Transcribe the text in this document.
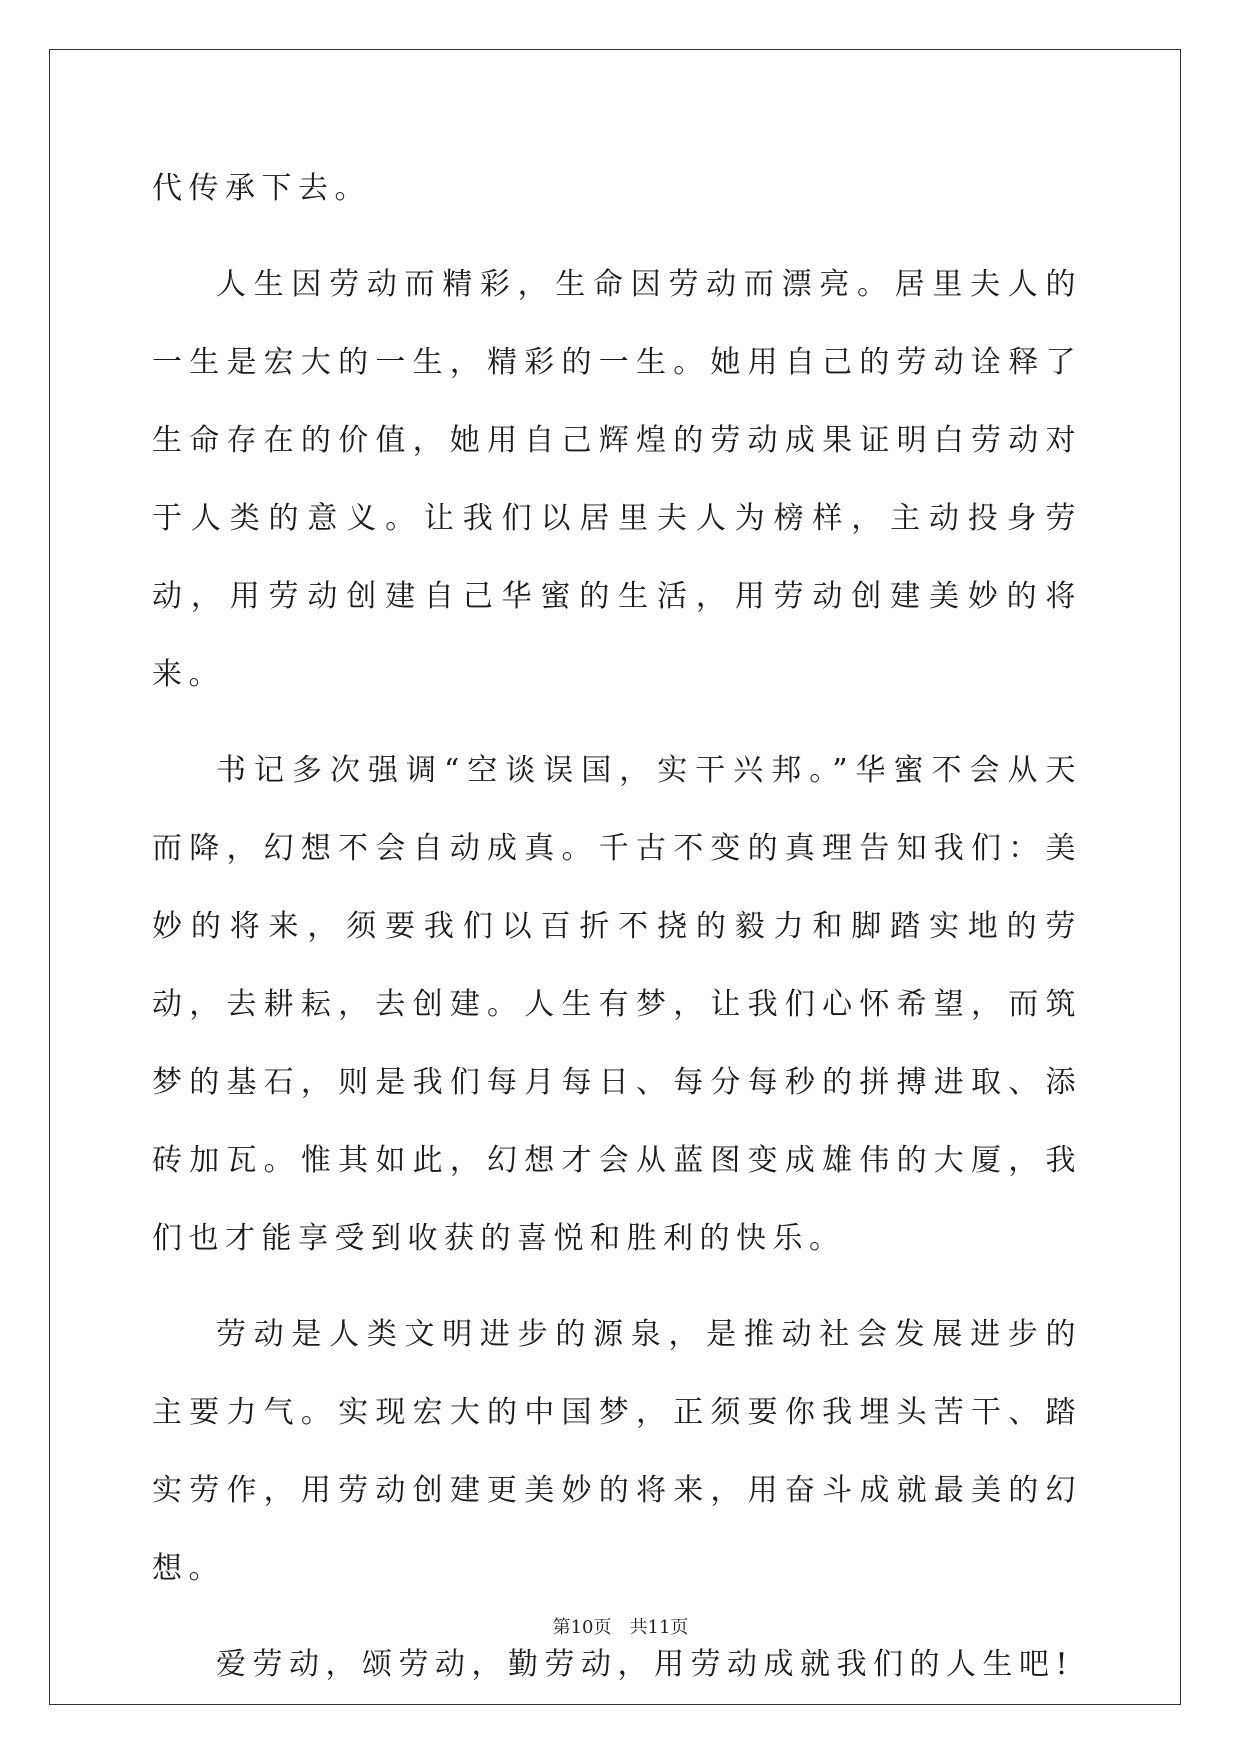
代传承下去。

人生因劳动而精彩，生命因劳动而漂亮。居里夫人的一生是宏大的一生，精彩的一生。她用自己的劳动诠释了生命存在的价值，她用自己辉煌的劳动成果证明白劳动对于人类的意义。让我们以居里夫人为榜样，主动投身劳动，用劳动创建自己华蜜的生活，用劳动创建美妙的将来。

书记多次强调“空谈误国，实干兴邦。”华蜜不会从天而降，幻想不会自动成真。千古不变的真理告知我们：美妙的将来，须要我们以百折不挠的毅力和脚踏实地的劳动，去耕耘，去创建。人生有梦，让我们心怀希望，而筑梦的基石，则是我们每月每日、每分每秒的拼搏进取、添砖加瓦。惟其如此，幻想才会从蓝图变成雄伟的大厦，我们也才能享受到收获的喜悦和胜利的快乐。

劳动是人类文明进步的源泉，是推动社会发展进步的主要力气。实现宏大的中国梦，正须要你我埋头苦干、踏实劳作，用劳动创建更美妙的将来，用奋斗成就最美的幻想。

爱劳动，颂劳动，勤劳动，用劳动成就我们的人生吧!

第10页　共11页
